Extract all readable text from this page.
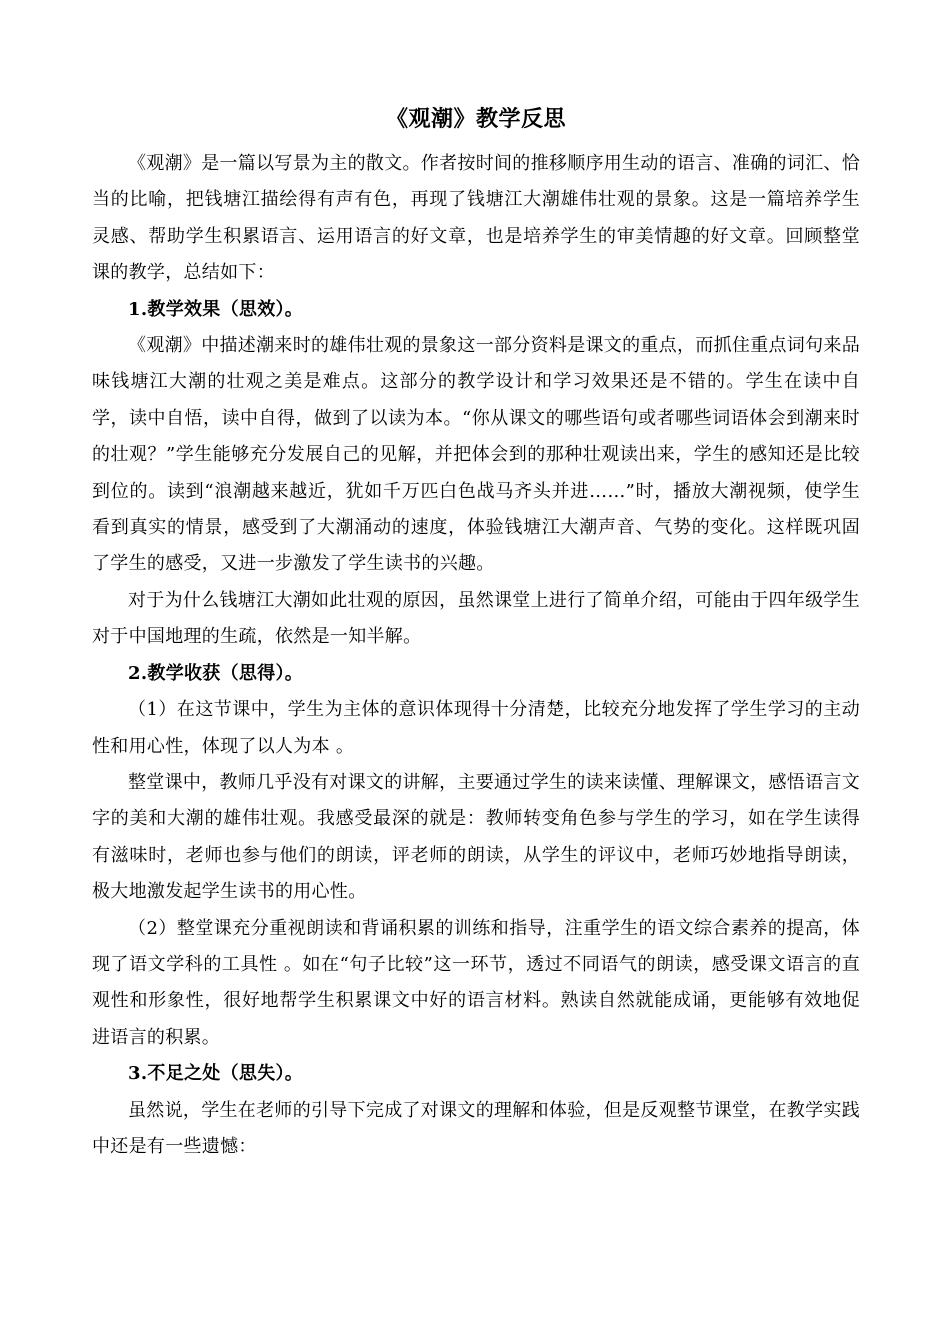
《观潮》教学反思

《观潮》是一篇以写景为主的散文。作者按时间的推移顺序用生动的语言、准确的词汇、恰当的比喻，把钱塘江描绘得有声有色，再现了钱塘江大潮雄伟壮观的景象。这是一篇培养学生灵感、帮助学生积累语言、运用语言的好文章，也是培养学生的审美情趣的好文章。回顾整堂课的教学，总结如下：

1.教学效果（思效）。

《观潮》中描述潮来时的雄伟壮观的景象这一部分资料是课文的重点，而抓住重点词句来品味钱塘江大潮的壮观之美是难点。这部分的教学设计和学习效果还是不错的。学生在读中自学，读中自悟，读中自得，做到了以读为本。“你从课文的哪些语句或者哪些词语体会到潮来时的壮观？”学生能够充分发展自己的见解，并把体会到的那种壮观读出来，学生的感知还是比较到位的。读到“浪潮越来越近，犹如千万匹白色战马齐头并进……”时，播放大潮视频，使学生看到真实的情景，感受到了大潮涌动的速度，体验钱塘江大潮声音、气势的变化。这样既巩固了学生的感受，又进一步激发了学生读书的兴趣。

对于为什么钱塘江大潮如此壮观的原因，虽然课堂上进行了简单介绍，可能由于四年级学生对于中国地理的生疏，依然是一知半解。

2.教学收获（思得）。

（1）在这节课中，学生为主体的意识体现得十分清楚，比较充分地发挥了学生学习的主动性和用心性，体现了以人为本 。

整堂课中，教师几乎没有对课文的讲解，主要通过学生的读来读懂、理解课文，感悟语言文字的美和大潮的雄伟壮观。我感受最深的就是：教师转变角色参与学生的学习，如在学生读得有滋味时，老师也参与他们的朗读，评老师的朗读，从学生的评议中，老师巧妙地指导朗读，极大地激发起学生读书的用心性。

（2）整堂课充分重视朗读和背诵积累的训练和指导，注重学生的语文综合素养的提高，体现了语文学科的工具性 。如在“句子比较”这一环节，透过不同语气的朗读，感受课文语言的直观性和形象性，很好地帮学生积累课文中好的语言材料。熟读自然就能成诵，更能够有效地促进语言的积累。

3.不足之处（思失）。

虽然说，学生在老师的引导下完成了对课文的理解和体验，但是反观整节课堂，在教学实践中还是有一些遗憾：
